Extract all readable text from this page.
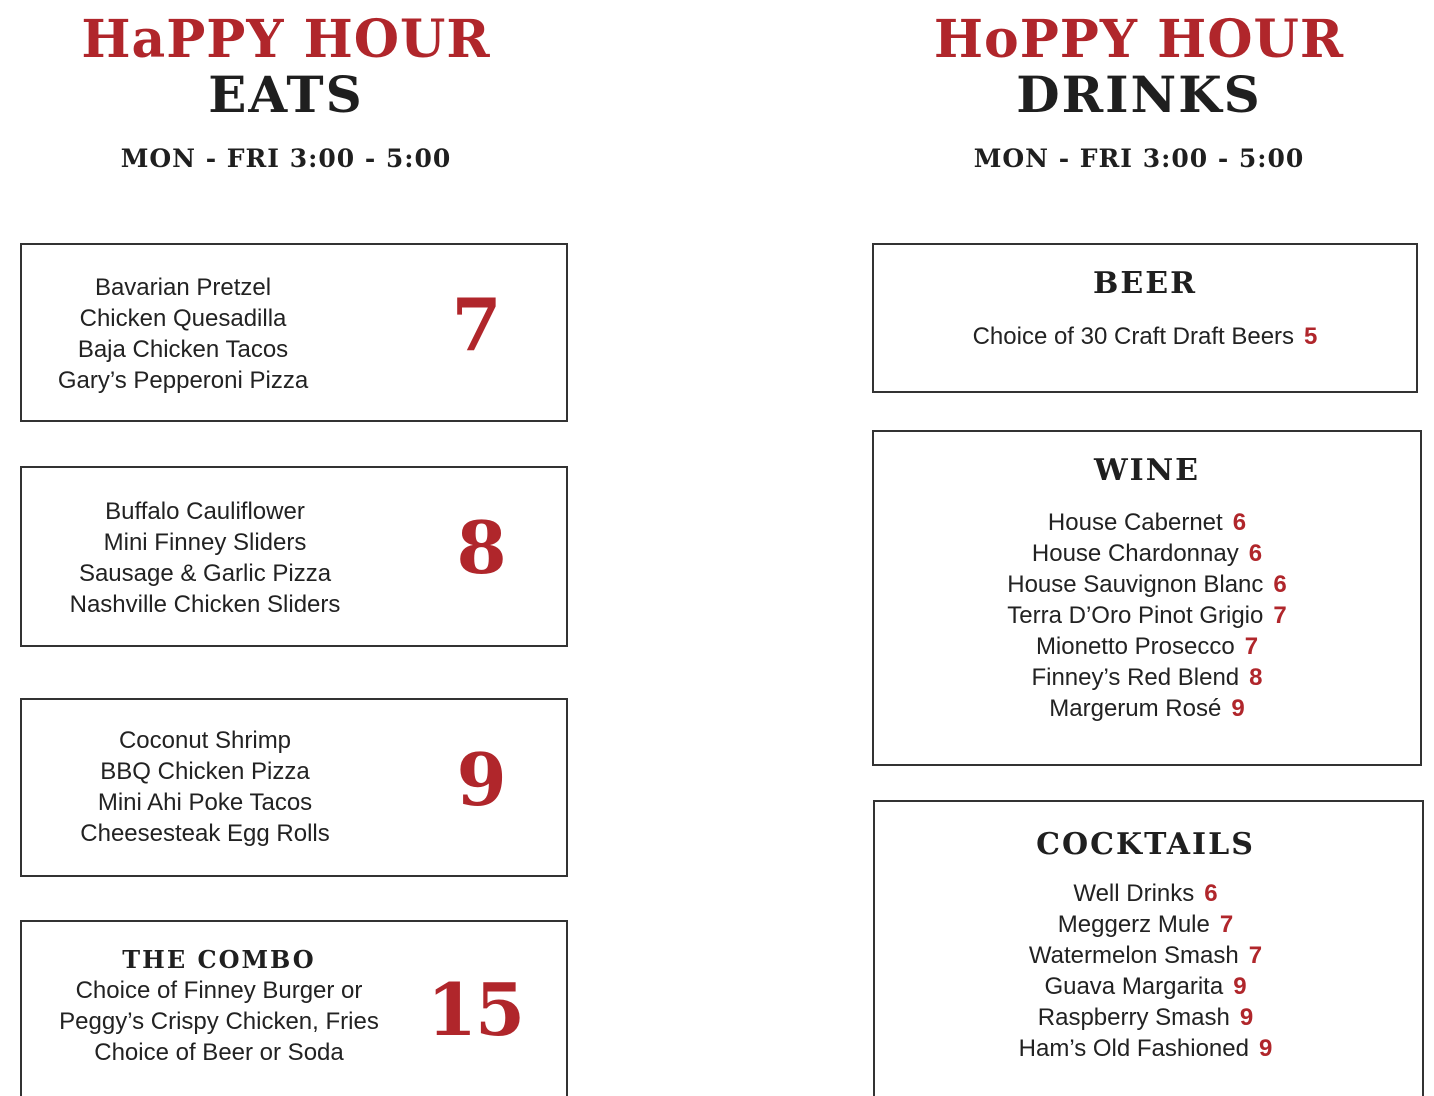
HaPPY HOUR
EATS
MON - FRI 3:00 - 5:00
HoPPY HOUR
DRINKS
MON - FRI 3:00 - 5:00
Bavarian Pretzel
Chicken Quesadilla
Baja Chicken Tacos
Gary’s Pepperoni Pizza
7
Buffalo Cauliflower
Mini Finney Sliders
Sausage & Garlic Pizza
Nashville Chicken Sliders
8
Coconut Shrimp
BBQ Chicken Pizza
Mini Ahi Poke Tacos
Cheesesteak Egg Rolls
9
THE COMBO
Choice of Finney Burger or
Peggy’s Crispy Chicken, Fries
Choice of Beer or Soda
15
BEER
Choice of 30 Craft Draft Beers 5
WINE
House Cabernet 6
House Chardonnay 6
House Sauvignon Blanc 6
Terra D’Oro Pinot Grigio 7
Mionetto Prosecco 7
Finney’s Red Blend 8
Margerum Rosé 9
COCKTAILS
Well Drinks 6
Meggerz Mule 7
Watermelon Smash 7
Guava Margarita 9
Raspberry Smash 9
Ham’s Old Fashioned 9
